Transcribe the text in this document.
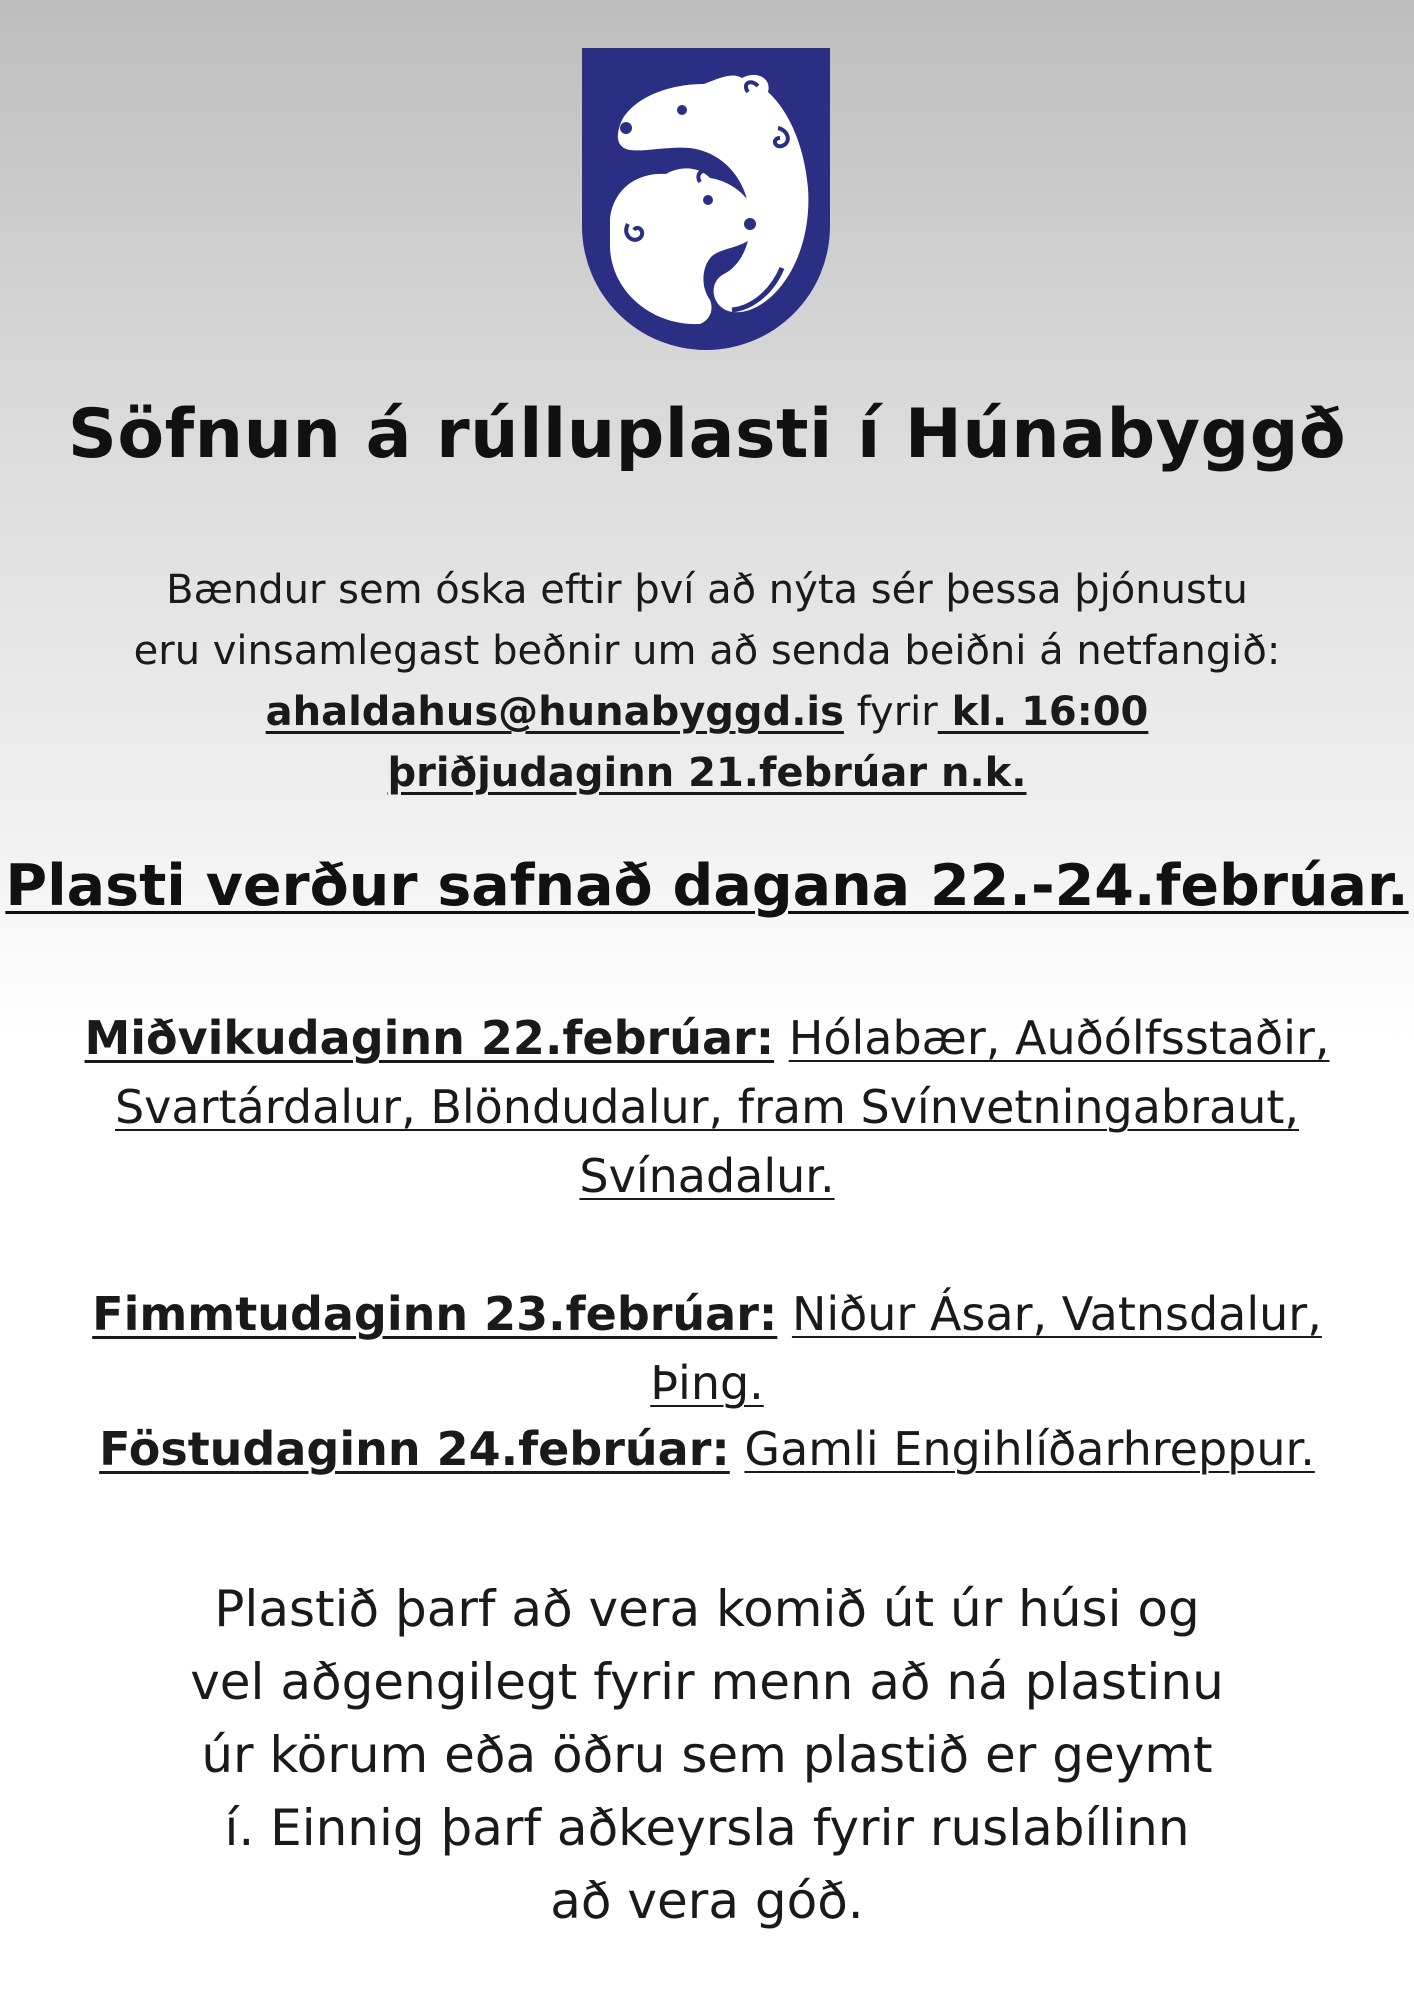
Söfnun á rúlluplasti í Húnabyggð

Bændur sem óska eftir því að nýta sér þessa þjónustu

eru vinsamlegast beðnir um að senda beiðni á netfangið:

ahaldahus@hunabyggd.is fyrir kl. 16:00

þriðjudaginn 21.febrúar n.k.

Plasti verður safnað dagana 22.-24.febrúar.

Miðvikudaginn 22.febrúar: Hólabær, Auðólfsstaðir, Svartárdalur, Blöndudalur, fram Svínvetningabraut, Svínadalur.

Fimmtudaginn 23.febrúar: Niður Ásar, Vatnsdalur, Þing.

Föstudaginn 24.febrúar: Gamli Engihlíðarhreppur.

Plastið þarf að vera komið út úr húsi og vel aðgengilegt fyrir menn að ná plastinu úr körum eða öðru sem plastið er geymt í. Einnig þarf aðkeyrsla fyrir ruslabílinn að vera góð.
